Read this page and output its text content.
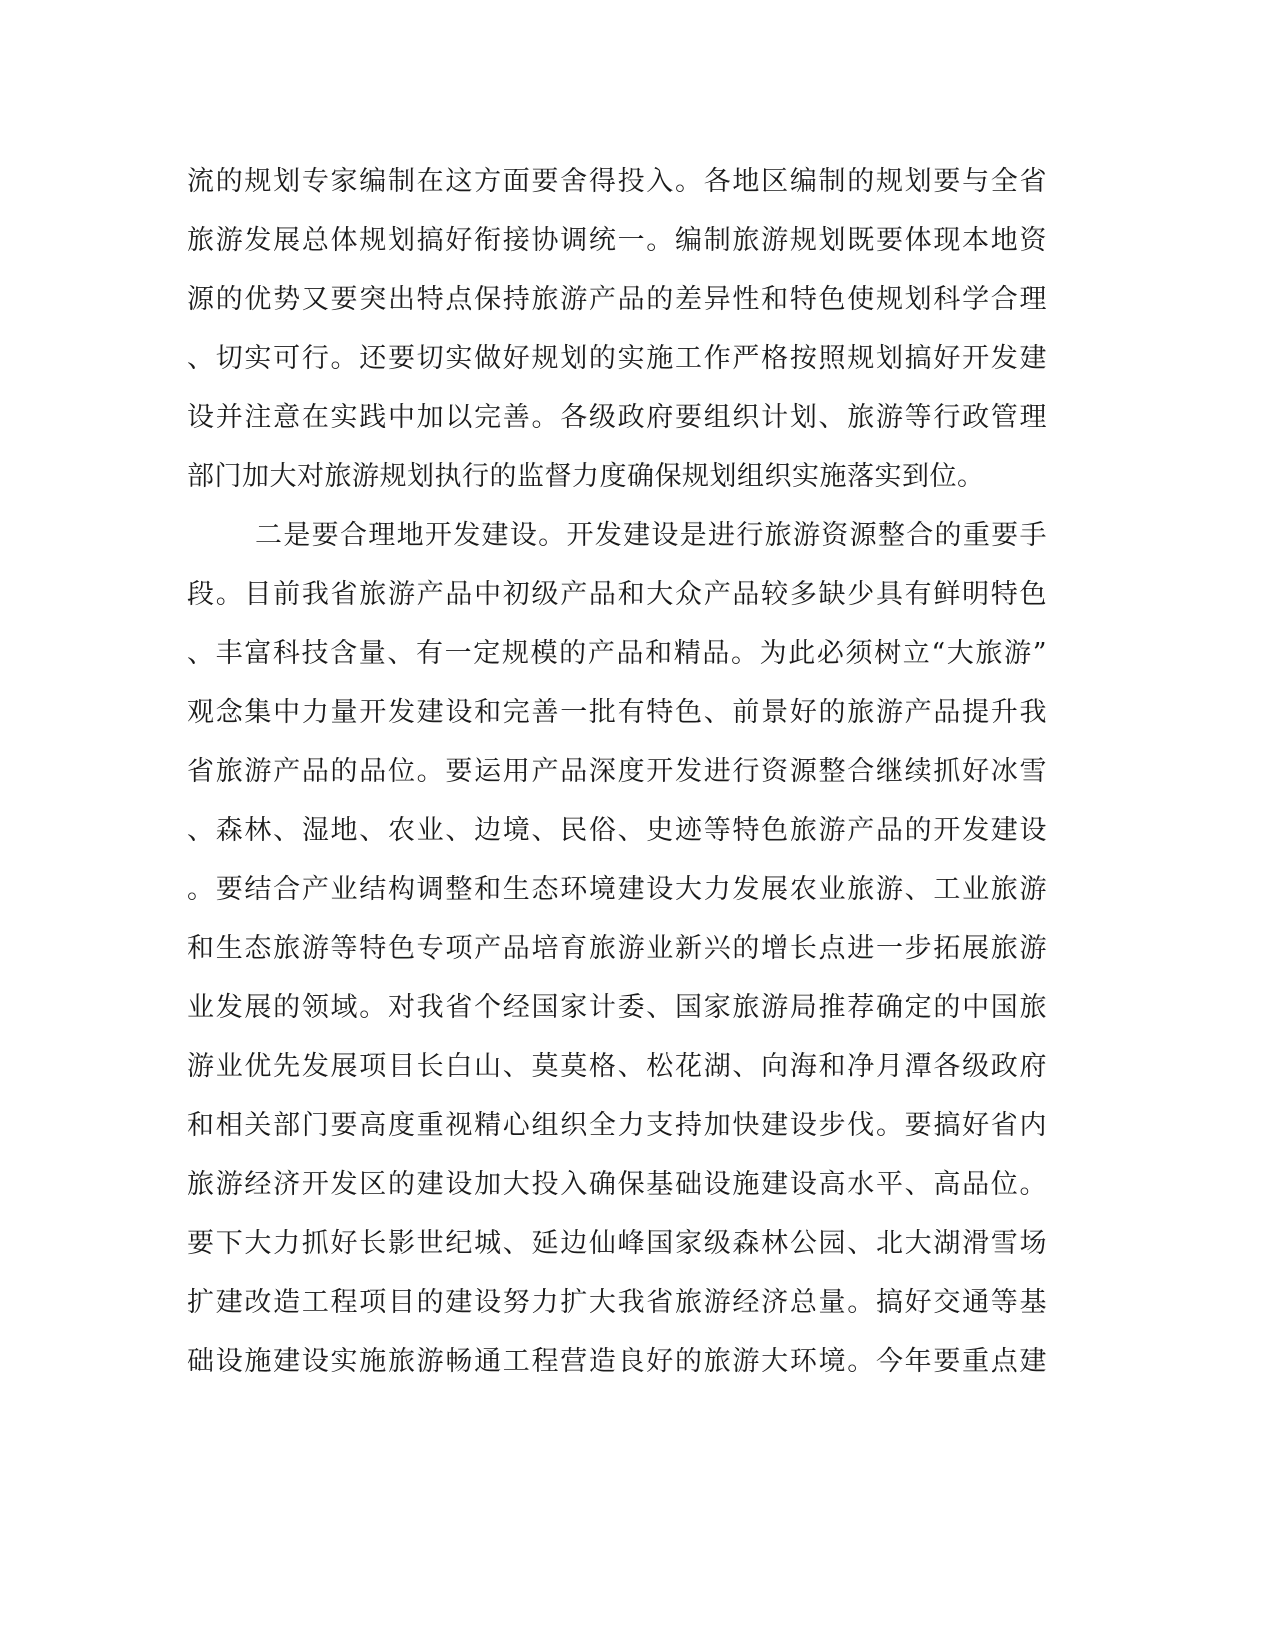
流的规划专家编制在这方面要舍得投入。各地区编制的规划要与全省
旅游发展总体规划搞好衔接协调统一。编制旅游规划既要体现本地资
源的优势又要突出特点保持旅游产品的差异性和特色使规划科学合理
、切实可行。还要切实做好规划的实施工作严格按照规划搞好开发建
设并注意在实践中加以完善。各级政府要组织计划、旅游等行政管理
部门加大对旅游规划执行的监督力度确保规划组织实施落实到位。
二是要合理地开发建设。开发建设是进行旅游资源整合的重要手
段。目前我省旅游产品中初级产品和大众产品较多缺少具有鲜明特色
、丰富科技含量、有一定规模的产品和精品。为此必须树立“大旅游”
观念集中力量开发建设和完善一批有特色、前景好的旅游产品提升我
省旅游产品的品位。要运用产品深度开发进行资源整合继续抓好冰雪
、森林、湿地、农业、边境、民俗、史迹等特色旅游产品的开发建设
。要结合产业结构调整和生态环境建设大力发展农业旅游、工业旅游
和生态旅游等特色专项产品培育旅游业新兴的增长点进一步拓展旅游
业发展的领域。对我省个经国家计委、国家旅游局推荐确定的中国旅
游业优先发展项目长白山、莫莫格、松花湖、向海和净月潭各级政府
和相关部门要高度重视精心组织全力支持加快建设步伐。要搞好省内
旅游经济开发区的建设加大投入确保基础设施建设高水平、高品位。
要下大力抓好长影世纪城、延边仙峰国家级森林公园、北大湖滑雪场
扩建改造工程项目的建设努力扩大我省旅游经济总量。搞好交通等基
础设施建设实施旅游畅通工程营造良好的旅游大环境。今年要重点建
